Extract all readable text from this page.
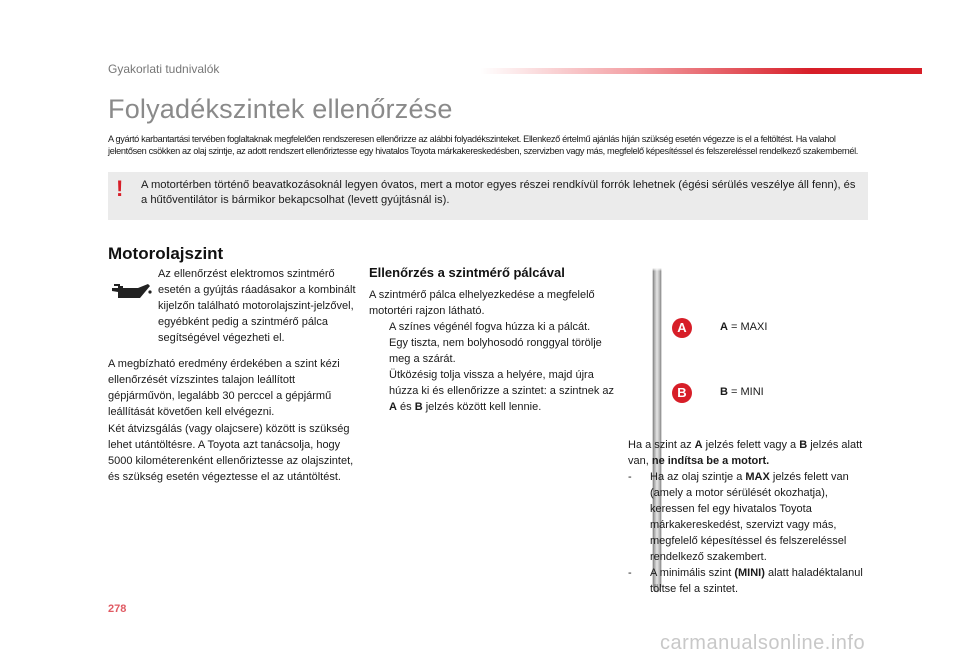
Gyakorlati tudnivalók
Folyadékszintek ellenőrzése
A gyártó karbantartási tervében foglaltaknak megfelelően rendszeresen ellenőrizze az alábbi folyadékszinteket. Ellenkező értelmű ajánlás híján szükség esetén végezze is el a feltöltést. Ha valahol jelentősen csökken az olaj szintje, az adott rendszert ellenőriztesse egy hivatalos Toyota márkakereskedésben, szervizben vagy más, megfelelő képesítéssel és felszereléssel rendelkező szakembernél.
! A motortérben történő beavatkozásoknál legyen óvatos, mert a motor egyes részei rendkívül forrók lehetnek (égési sérülés veszélye áll fenn), és a hűtőventilátor is bármikor bekapcsolhat (levett gyújtásnál is).
Motorolajszint
Az ellenőrzést elektromos szintmérő esetén a gyújtás ráadásakor a kombinált kijelzőn található motorolajszint-jelzővel, egyébként pedig a szintmérő pálca segítségével végezheti el.
A megbízható eredmény érdekében a szint kézi ellenőrzését vízszintes talajon leállított gépjárművön, legalább 30 perccel a gépjármű leállítását követően kell elvégezni.
Két átvizsgálás (vagy olajcsere) között is szükség lehet utántöltésre. A Toyota azt tanácsolja, hogy 5000 kilométerenként ellenőriztesse az olajszintet, és szükség esetén végeztesse el az utántöltést.
Ellenőrzés a szintmérő pálcával
A szintmérő pálca elhelyezkedése a megfelelő motortéri rajzon látható.
A színes végénél fogva húzza ki a pálcát.
Egy tiszta, nem bolyhosodó ronggyal törölje meg a szárát.
Ütközésig tolja vissza a helyére, majd újra húzza ki és ellenőrizze a szintet: a szintnek az A és B jelzés között kell lennie.
A
B
A = MAXI
B = MINI
Ha a szint az A jelzés felett vagy a B jelzés alatt van, ne indítsa be a motort.
-	Ha az olaj szintje a MAX jelzés felett van (amely a motor sérülését okozhatja), keressen fel egy hivatalos Toyota márkakereskedést, szervizt vagy más, megfelelő képesítéssel és felszereléssel rendelkező szakembert.
-	A minimális szint (MINI) alatt haladéktalanul töltse fel a szintet.
278
carmanualsonline.info
